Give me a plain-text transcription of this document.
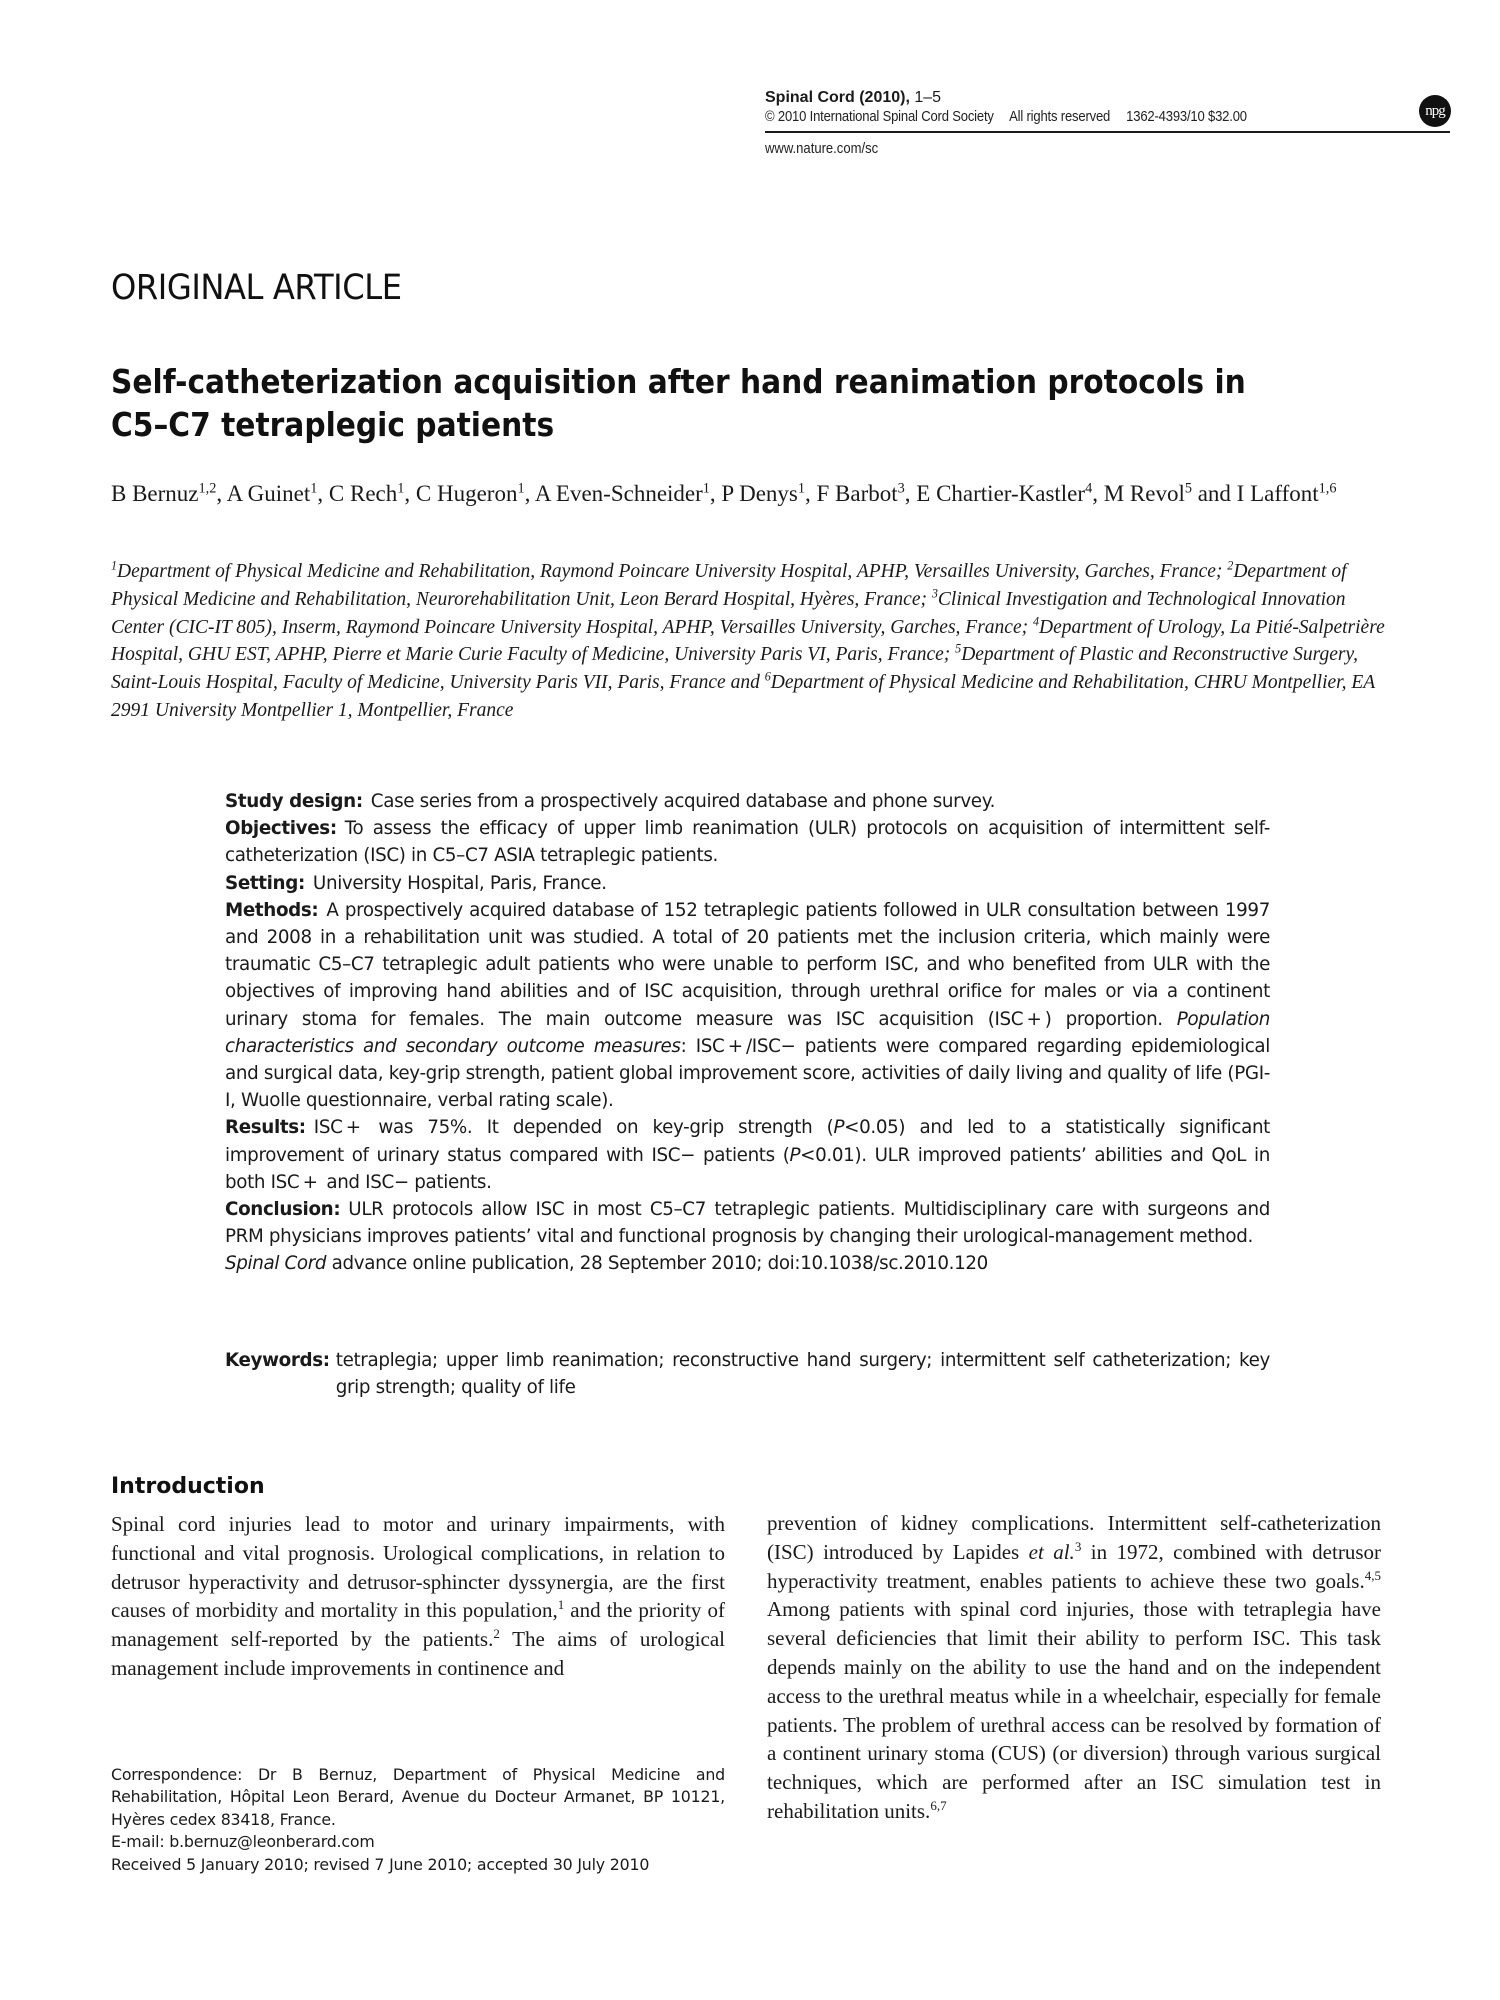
Spinal Cord (2010), 1–5
© 2010 International Spinal Cord Society All rights reserved 1362-4393/10 $32.00	npg
www.nature.com/sc
ORIGINAL ARTICLE
Self-catheterization acquisition after hand reanimation protocols in C5–C7 tetraplegic patients
B Bernuz$^{1,2}$, A Guinet$^1$, C Rech$^1$, C Hugeron$^1$, A Even-Schneider$^1$, P Denys$^1$, F Barbot$^3$, E Chartier-Kastler$^4$, M Revol$^5$ and I Laffont$^{1,6}$
$^1$Department of Physical Medicine and Rehabilitation, Raymond Poincare University Hospital, APHP, Versailles University, Garches, France; $^2$Department of Physical Medicine and Rehabilitation, Neurorehabilitation Unit, Leon Berard Hospital, Hyères, France; $^3$Clinical Investigation and Technological Innovation Center (CIC-IT 805), Inserm, Raymond Poincare University Hospital, APHP, Versailles University, Garches, France; $^4$Department of Urology, La Pitié-Salpetrière Hospital, GHU EST, APHP, Pierre et Marie Curie Faculty of Medicine, University Paris VI, Paris, France; $^5$Department of Plastic and Reconstructive Surgery, Saint-Louis Hospital, Faculty of Medicine, University Paris VII, Paris, France and $^6$Department of Physical Medicine and Rehabilitation, CHRU Montpellier, EA 2991 University Montpellier 1, Montpellier, France

Study design: Case series from a prospectively acquired database and phone survey.

Objectives: To assess the efficacy of upper limb reanimation (ULR) protocols on acquisition of intermittent self-catheterization (ISC) in C5–C7 ASIA tetraplegic patients.

Setting: University Hospital, Paris, France.

Methods: A prospectively acquired database of 152 tetraplegic patients followed in ULR consultation between 1997 and 2008 in a rehabilitation unit was studied. A total of 20 patients met the inclusion criteria, which mainly were traumatic C5–C7 tetraplegic adult patients who were unable to perform ISC, and who benefited from ULR with the objectives of improving hand abilities and of ISC acquisition, through urethral orifice for males or via a continent urinary stoma for females. The main outcome measure was ISC acquisition (ISC + ) proportion. Population characteristics and secondary outcome measures: ISC + /ISC− patients were compared regarding epidemiological and surgical data, key-grip strength, patient global improvement score, activities of daily living and quality of life (PGI-I, Wuolle questionnaire, verbal rating scale).

Results: ISC +  was 75%. It depended on key-grip strength (P<0.05) and led to a statistically significant improvement of urinary status compared with ISC− patients (P<0.01). ULR improved patients’ abilities and QoL in both ISC +  and ISC− patients.

Conclusion: ULR protocols allow ISC in most C5–C7 tetraplegic patients. Multidisciplinary care with surgeons and PRM physicians improves patients’ vital and functional prognosis by changing their urological-management method.

Spinal Cord advance online publication, 28 September 2010; doi:10.1038/sc.2010.120

Keywords: tetraplegia; upper limb reanimation; reconstructive hand surgery; intermittent self catheterization; key grip strength; quality of life
Introduction

Spinal cord injuries lead to motor and urinary impairments, with functional and vital prognosis. Urological complications, in relation to detrusor hyperactivity and detrusor-sphincter dyssynergia, are the first causes of morbidity and mortality in this population,$^1$ and the priority of management self-reported by the patients.$^2$ The aims of urological management include improvements in continence and

prevention of kidney complications. Intermittent self-catheterization (ISC) introduced by Lapides et al.$^3$ in 1972, combined with detrusor hyperactivity treatment, enables patients to achieve these two goals.$^{4,5}$ Among patients with spinal cord injuries, those with tetraplegia have several deficiencies that limit their ability to perform ISC. This task depends mainly on the ability to use the hand and on the independent access to the urethral meatus while in a wheelchair, especially for female patients. The problem of urethral access can be resolved by formation of a continent urinary stoma (CUS) (or diversion) through various surgical techniques, which are performed after an ISC simulation test in rehabilitation units.$^{6,7}$

Correspondence: Dr B Bernuz, Department of Physical Medicine and Rehabilitation, Hôpital Leon Berard, Avenue du Docteur Armanet, BP 10121, Hyères cedex 83418, France.

E-mail: b.bernuz@leonberard.com

Received 5 January 2010; revised 7 June 2010; accepted 30 July 2010
